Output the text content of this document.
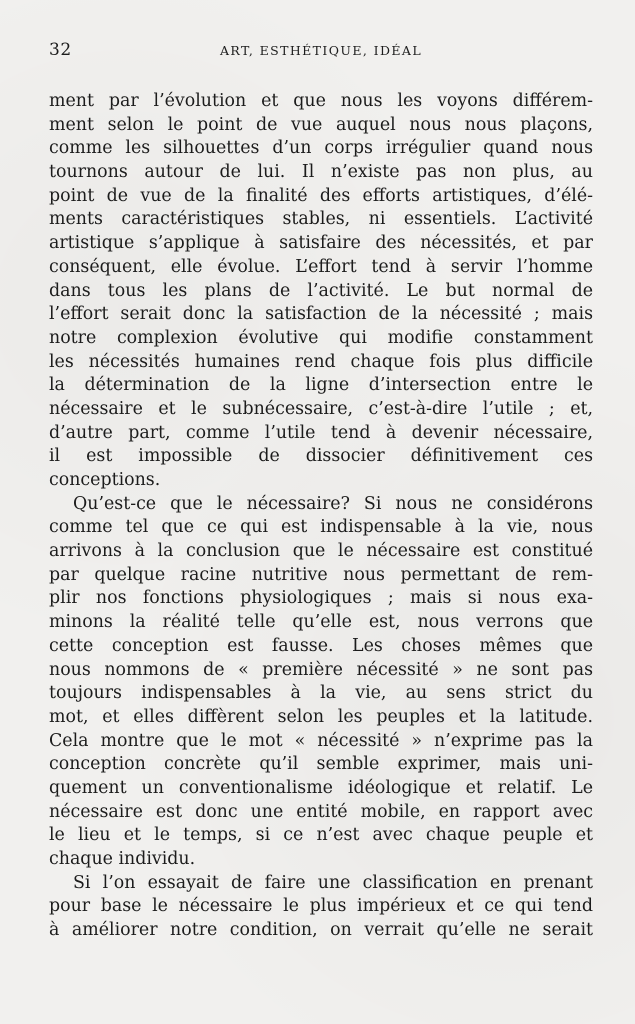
32	ART, ESTHÉTIQUE, IDÉAL
ment par l’évolution et que nous les voyons différem-
ment selon le point de vue auquel nous nous plaçons,
comme les silhouettes d’un corps irrégulier quand nous
tournons autour de lui. Il n’existe pas non plus, au
point de vue de la finalité des efforts artistiques, d’élé-
ments caractéristiques stables, ni essentiels. L’activité
artistique s’applique à satisfaire des nécessités, et par
conséquent, elle évolue. L’effort tend à servir l’homme
dans tous les plans de l’activité. Le but normal de
l’effort serait donc la satisfaction de la nécessité ; mais
notre complexion évolutive qui modifie constamment
les nécessités humaines rend chaque fois plus difficile
la détermination de la ligne d’intersection entre le
nécessaire et le subnécessaire, c’est-à-dire l’utile ; et,
d’autre part, comme l’utile tend à devenir nécessaire,
il est impossible de dissocier définitivement ces
conceptions.
Qu’est-ce que le nécessaire? Si nous ne considérons
comme tel que ce qui est indispensable à la vie, nous
arrivons à la conclusion que le nécessaire est constitué
par quelque racine nutritive nous permettant de rem-
plir nos fonctions physiologiques ; mais si nous exa-
minons la réalité telle qu’elle est, nous verrons que
cette conception est fausse. Les choses mêmes que
nous nommons de « première nécessité » ne sont pas
toujours indispensables à la vie, au sens strict du
mot, et elles diffèrent selon les peuples et la latitude.
Cela montre que le mot « nécessité » n’exprime pas la
conception concrète qu’il semble exprimer, mais uni-
quement un conventionalisme idéologique et relatif. Le
nécessaire est donc une entité mobile, en rapport avec
le lieu et le temps, si ce n’est avec chaque peuple et
chaque individu.
Si l’on essayait de faire une classification en prenant
pour base le nécessaire le plus impérieux et ce qui tend
à améliorer notre condition, on verrait qu’elle ne serait
